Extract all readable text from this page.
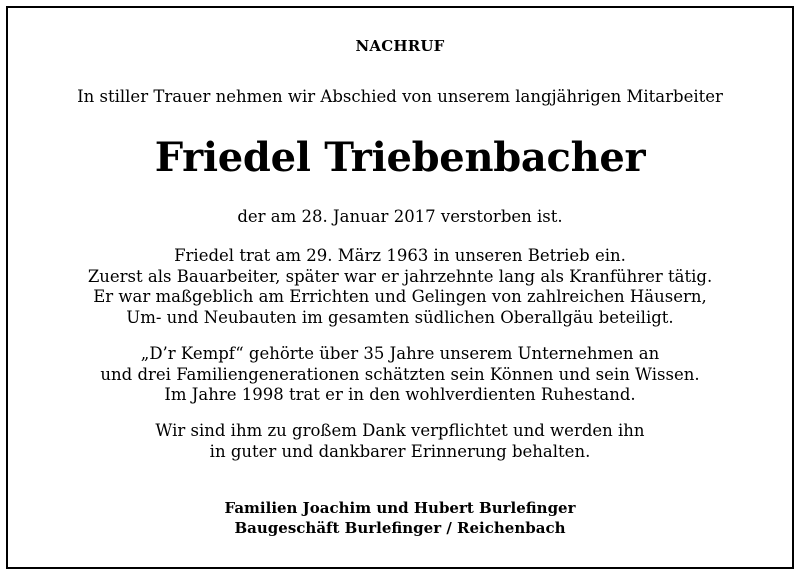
NACHRUF
In stiller Trauer nehmen wir Abschied von unserem langjährigen Mitarbeiter
Friedel Triebenbacher
der am 28. Januar 2017 verstorben ist.
Friedel trat am 29. März 1963 in unseren Betrieb ein.
Zuerst als Bauarbeiter, später war er jahrzehnte lang als Kranführer tätig.
Er war maßgeblich am Errichten und Gelingen von zahlreichen Häusern,
Um- und Neubauten im gesamten südlichen Oberallgäu beteiligt.
„D’r Kempf“ gehörte über 35 Jahre unserem Unternehmen an
und drei Familiengenerationen schätzten sein Können und sein Wissen.
Im Jahre 1998 trat er in den wohlverdienten Ruhestand.
Wir sind ihm zu großem Dank verpflichtet und werden ihn
in guter und dankbarer Erinnerung behalten.
Familien Joachim und Hubert Burlefinger
Baugeschäft Burlefinger / Reichenbach
